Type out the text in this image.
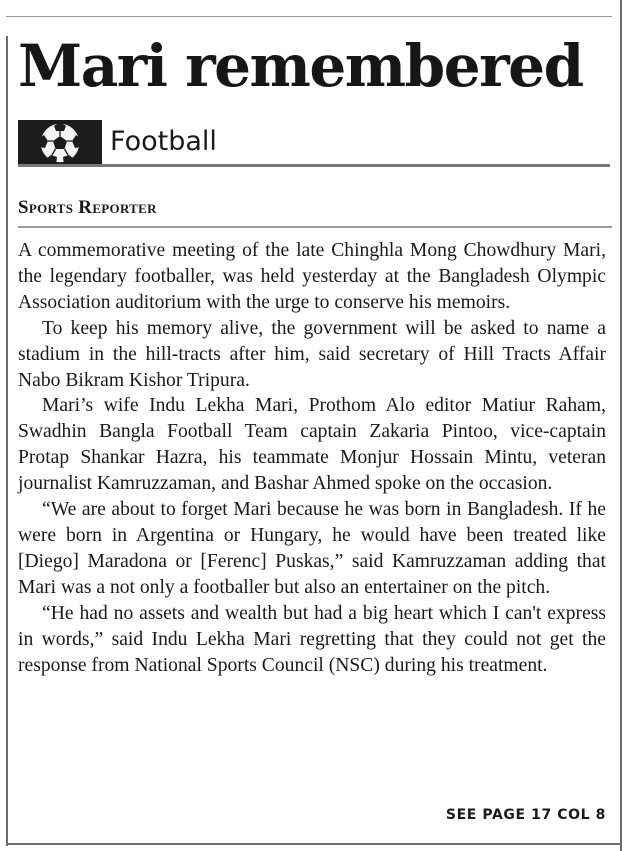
Mari remembered
Football
Sports Reporter

A commemorative meeting of the late Chinghla Mong Chowdhury Mari, the legendary footballer, was held yesterday at the Bangladesh Olympic Association auditorium with the urge to conserve his memoirs.

To keep his memory alive, the government will be asked to name a stadium in the hill-tracts after him, said secretary of Hill Tracts Affair Nabo Bikram Kishor Tripura.

Mari’s wife Indu Lekha Mari, Prothom Alo editor Matiur Raham, Swadhin Bangla Football Team captain Zakaria Pintoo, vice-captain Protap Shankar Hazra, his teammate Monjur Hossain Mintu, veteran journalist Kamruzzaman, and Bashar Ahmed spoke on the occasion.

“We are about to forget Mari because he was born in Bangladesh. If he were born in Argentina or Hungary, he would have been treated like [Diego] Maradona or [Ferenc] Puskas,” said Kamruzzaman adding that Mari was a not only a footballer but also an entertainer on the pitch.

“He had no assets and wealth but had a big heart which I can't express in words,” said Indu Lekha Mari regretting that they could not get the response from National Sports Council (NSC) during his treatment.

SEE PAGE 17 COL 8
